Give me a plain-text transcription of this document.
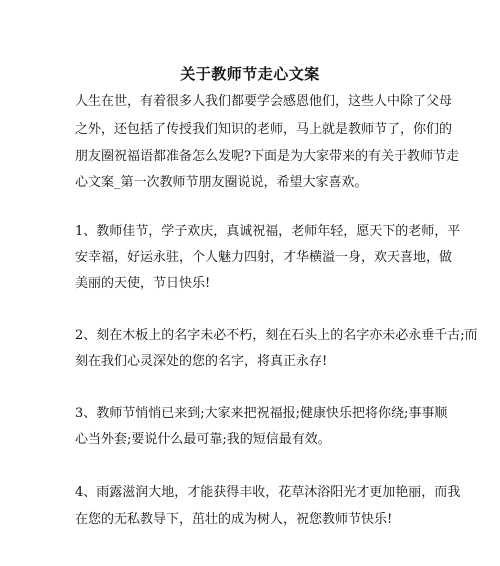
关于教师节走心文案
人生在世，有着很多人我们都要学会感恩他们，这些人中除了父母
之外，还包括了传授我们知识的老师，马上就是教师节了，你们的
朋友圈祝福语都准备怎么发呢?下面是为大家带来的有关于教师节走
心文案_第一次教师节朋友圈说说，希望大家喜欢。
1、教师佳节，学子欢庆，真诚祝福，老师年轻，愿天下的老师，平
安幸福，好运永驻，个人魅力四射，才华横溢一身，欢天喜地，做
美丽的天使，节日快乐!
2、刻在木板上的名字未必不朽，刻在石头上的名字亦未必永垂千古;而
刻在我们心灵深处的您的名字，将真正永存!
3、教师节悄悄已来到;大家来把祝福报;健康快乐把将你绕;事事顺
心当外套;要说什么最可靠;我的短信最有效。
4、雨露滋润大地，才能获得丰收，花草沐浴阳光才更加艳丽，而我
在您的无私教导下，茁壮的成为树人，祝您教师节快乐!
